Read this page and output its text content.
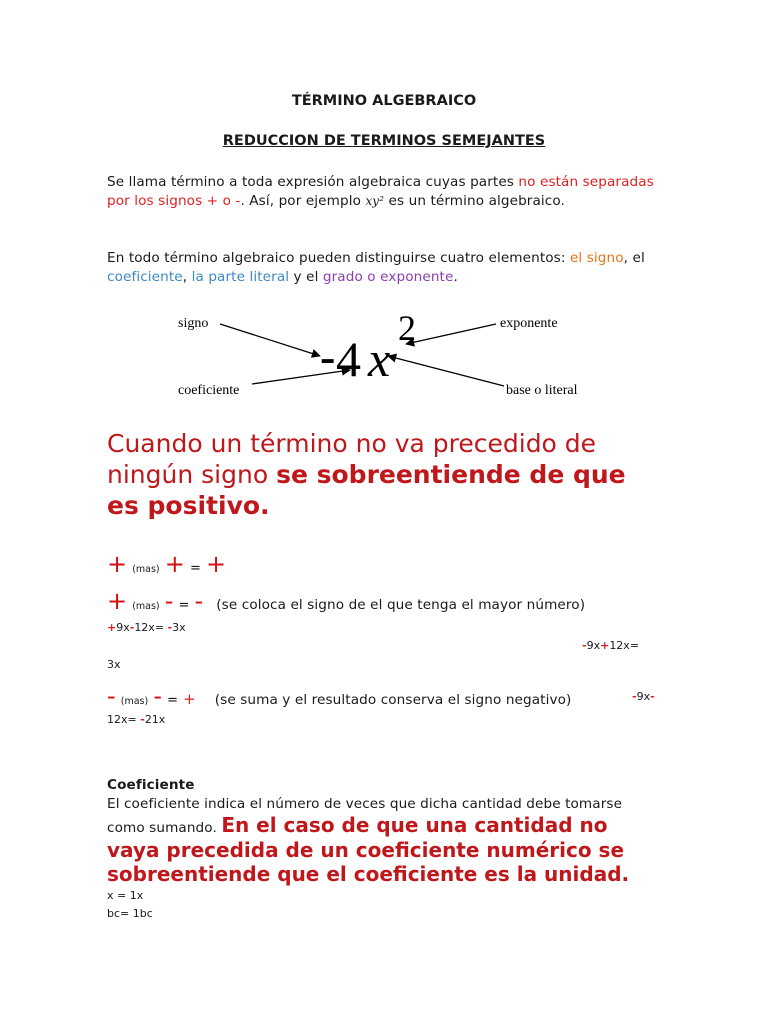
TÉRMINO ALGEBRAICO
REDUCCION DE TERMINOS SEMEJANTES
Se llama término a toda expresión algebraica cuyas partes no están separadas
por los signos + o -. Así, por ejemplo xy² es un término algebraico.
En todo término algebraico pueden distinguirse cuatro elementos: el signo, el
coeficiente, la parte literal y el grado o exponente.
signo
coeficiente
exponente
base o literal
- 4 x
2
Cuando un término no va precedido de
ningún signo se sobreentiende de que
es positivo.
+ (mas) + = +
+ (mas) - = - (se coloca el signo de el que tenga el mayor número)
+9x-12x= -3x
-9x+12x=
3x
- (mas) - = + (se suma y el resultado conserva el signo negativo)	-9x-
12x= -21x
Coeficiente
El coeficiente indica el número de veces que dicha cantidad debe tomarse
como sumando. En el caso de que una cantidad no
vaya precedida de un coeficiente numérico se
sobreentiende que el coeficiente es la unidad.
x = 1x
bc= 1bc
